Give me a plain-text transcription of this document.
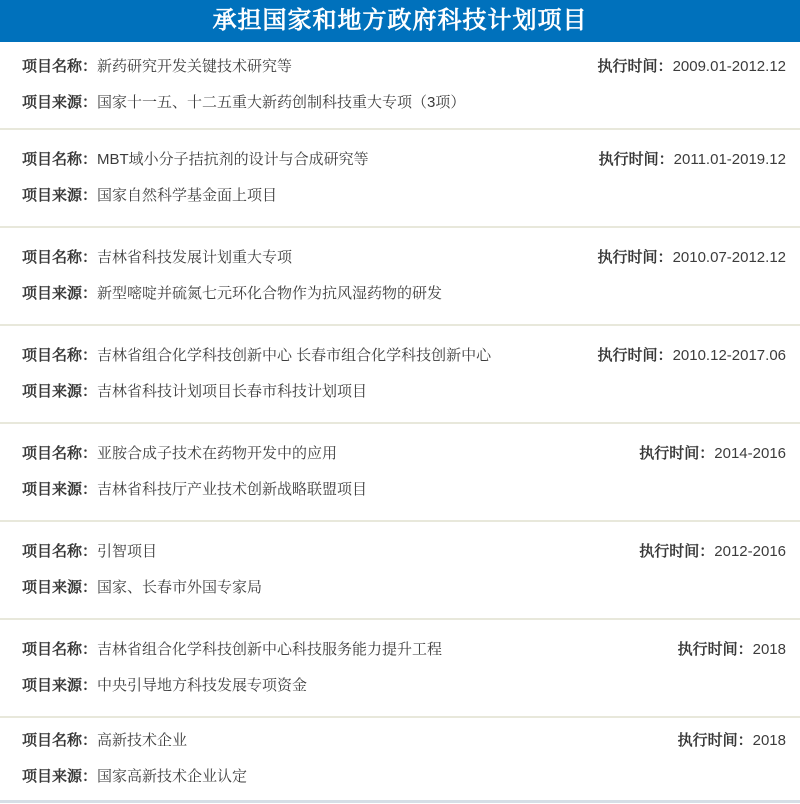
承担国家和地方政府科技计划项目
项目名称：新药研究开发关键技术研究等	执行时间：2009.01-2012.12
项目来源：国家十一五、十二五重大新药创制科技重大专项（3项）
项目名称：MBT域小分子拮抗剂的设计与合成研究等	执行时间：2011.01-2019.12
项目来源：国家自然科学基金面上项目
项目名称：吉林省科技发展计划重大专项	执行时间：2010.07-2012.12
项目来源：新型嘧啶并硫氮七元环化合物作为抗风湿药物的研发
项目名称：吉林省组合化学科技创新中心 长春市组合化学科技创新中心	执行时间：2010.12-2017.06
项目来源：吉林省科技计划项目长春市科技计划项目
项目名称：亚胺合成子技术在药物开发中的应用	执行时间：2014-2016
项目来源：吉林省科技厅产业技术创新战略联盟项目
项目名称：引智项目	执行时间：2012-2016
项目来源：国家、长春市外国专家局
项目名称：吉林省组合化学科技创新中心科技服务能力提升工程	执行时间：2018
项目来源：中央引导地方科技发展专项资金
项目名称：高新技术企业	执行时间：2018
项目来源：国家高新技术企业认定
